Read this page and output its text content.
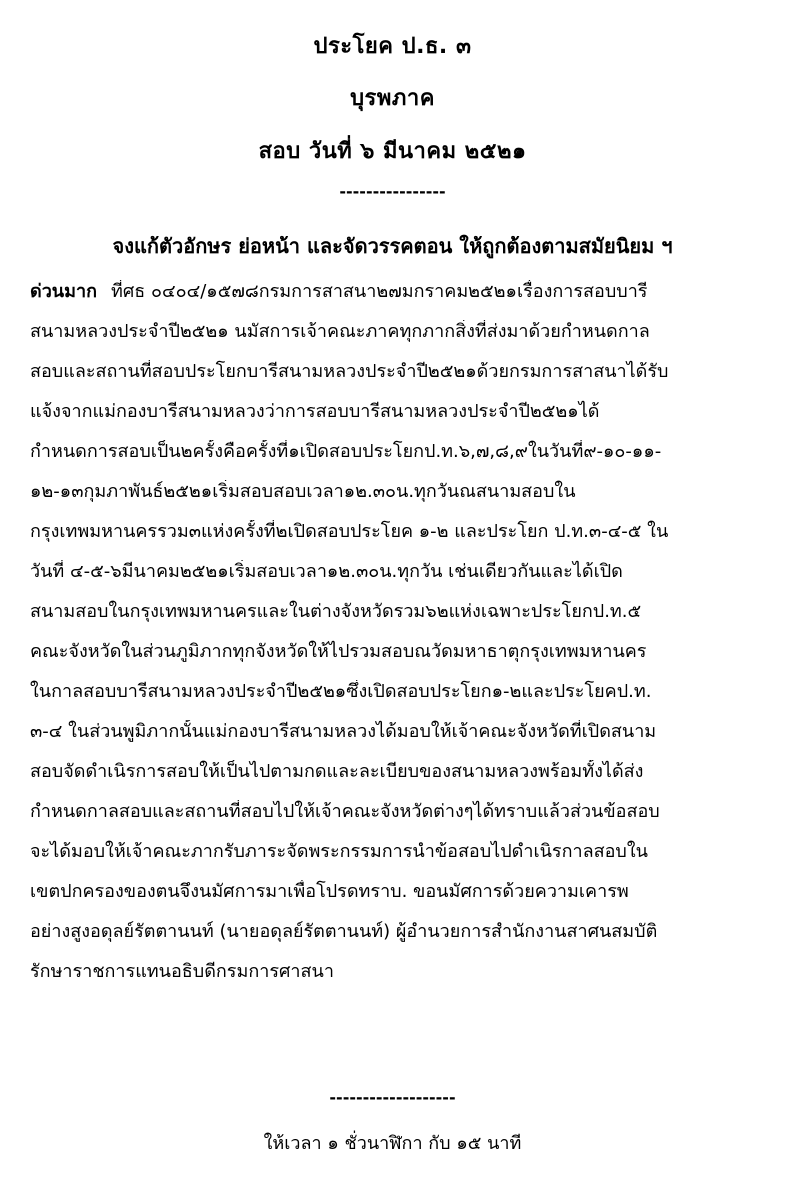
ประโยค ป.ธ. ๓
บุรพภาค
สอบ วันที่ ๖ มีนาคม ๒๕๒๑
----------------
จงแก้ตัวอักษร ย่อหน้า และจัดวรรคตอน ให้ถูกต้องตามสมัยนิยม ฯ
ด่วนมาก ที่ศธ ๐๔๐๔/๑๕๗๘กรมการสาสนา๒๗มกราคม๒๕๒๑เรื่องการสอบบารี
สนามหลวงประจำปี๒๕๒๑ นมัสการเจ้าคณะภาคทุกภากสิ่งที่ส่งมาด้วยกำหนดกาล
สอบและสถานที่สอบประโยกบารีสนามหลวงประจำปี๒๕๒๑ด้วยกรมการสาสนาได้รับ
แจ้งจากแม่กองบารีสนามหลวงว่าการสอบบารีสนามหลวงประจำปี๒๕๒๑ได้
กำหนดการสอบเป็น๒ครั้งคือครั้งที่๑เปิดสอบประโยกป.ท.๖,๗,๘,๙ในวันที่๙-๑๐-๑๑-
๑๒-๑๓กุมภาพันธ์๒๕๒๑เริ่มสอบสอบเวลา๑๒.๓๐น.ทุกวันณสนามสอบใน
กรุงเทพมหานครรวม๓แห่งครั้งที่๒เปิดสอบประโยค ๑-๒ และประโยก ป.ท.๓-๔-๕ ใน
วันที่ ๔-๕-๖มีนาคม๒๕๒๑เริ่มสอบเวลา๑๒.๓๐น.ทุกวัน เช่นเดียวกันและได้เปิด
สนามสอบในกรุงเทพมหานครและในต่างจังหวัดรวม๖๒แห่งเฉพาะประโยกป.ท.๕
คณะจังหวัดในส่วนภูมิภากทุกจังหวัดให้ไปรวมสอบณวัดมหาธาตุกรุงเทพมหานคร
ในกาลสอบบารีสนามหลวงประจำปี๒๕๒๑ซึ่งเปิดสอบประโยก๑-๒และประโยคป.ท.
๓-๔ ในส่วนพูมิภากนั้นแม่กองบารีสนามหลวงได้มอบให้เจ้าคณะจังหวัดที่เปิดสนาม
สอบจัดดำเนิรการสอบให้เป็นไปตามกดและละเบียบของสนามหลวงพร้อมทั้งได้ส่ง
กำหนดกาลสอบและสถานที่สอบไปให้เจ้าคณะจังหวัดต่างๆได้ทราบแล้วส่วนข้อสอบ
จะได้มอบให้เจ้าคณะภากรับภาระจัดพระกรรมการนำข้อสอบไปดำเนิรกาลสอบใน
เขตปกครองของตนจึงนมัศการมาเพื่อโปรดทราบ. ขอนมัศการด้วยความเคารพ
อย่างสูงอดุลย์รัตตานนท์ (นายอดุลย์รัตตานนท์) ผู้อำนวยการสำนักงานสาศนสมบัติ
รักษาราชการแทนอธิบดีกรมการศาสนา
-------------------
ให้เวลา ๑ ชั่วนาฬิกา กับ ๑๕ นาที
